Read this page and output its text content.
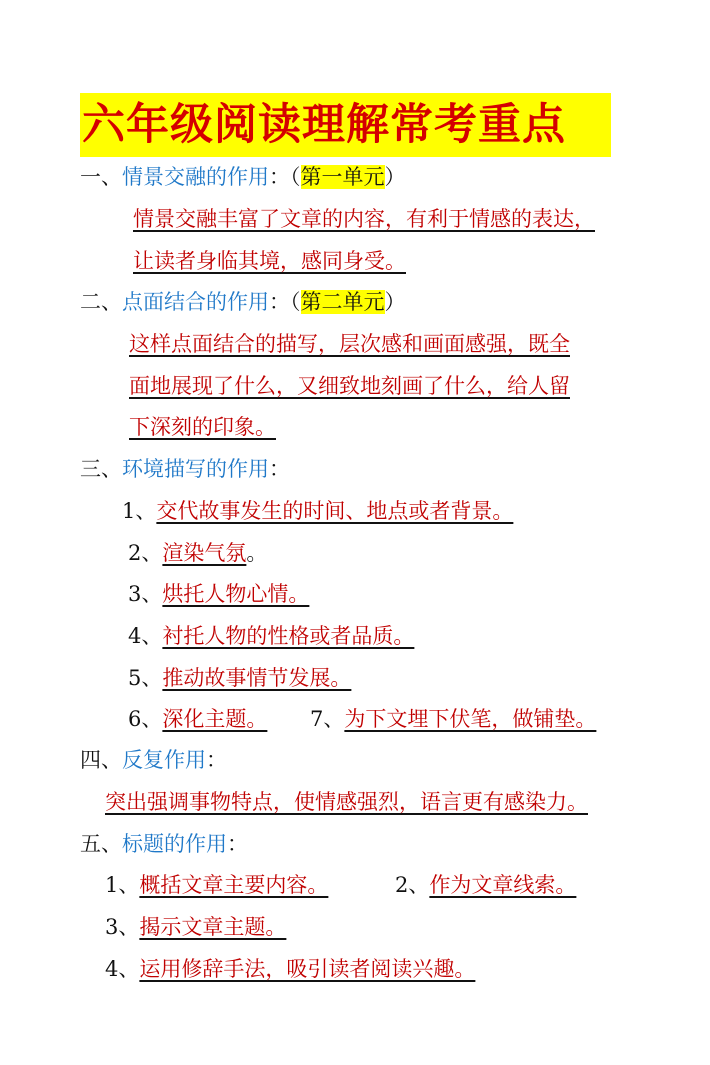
六年级阅读理解常考重点
一、情景交融的作用：（第一单元）
情景交融丰富了文章的内容，有利于情感的表达，
让读者身临其境，感同身受。
二、点面结合的作用：（第二单元）
这样点面结合的描写，层次感和画面感强，既全
面地展现了什么，又细致地刻画了什么，给人留
下深刻的印象。
三、环境描写的作用：
1、交代故事发生的时间、地点或者背景。
2、渲染气氛。
3、烘托人物心情。
4、衬托人物的性格或者品质。
5、推动故事情节发展。
6、深化主题。 7、为下文埋下伏笔，做铺垫。
四、反复作用：
突出强调事物特点，使情感强烈，语言更有感染力。
五、标题的作用：
1、概括文章主要内容。	2、作为文章线索。
3、揭示文章主题。
4、运用修辞手法，吸引读者阅读兴趣。
